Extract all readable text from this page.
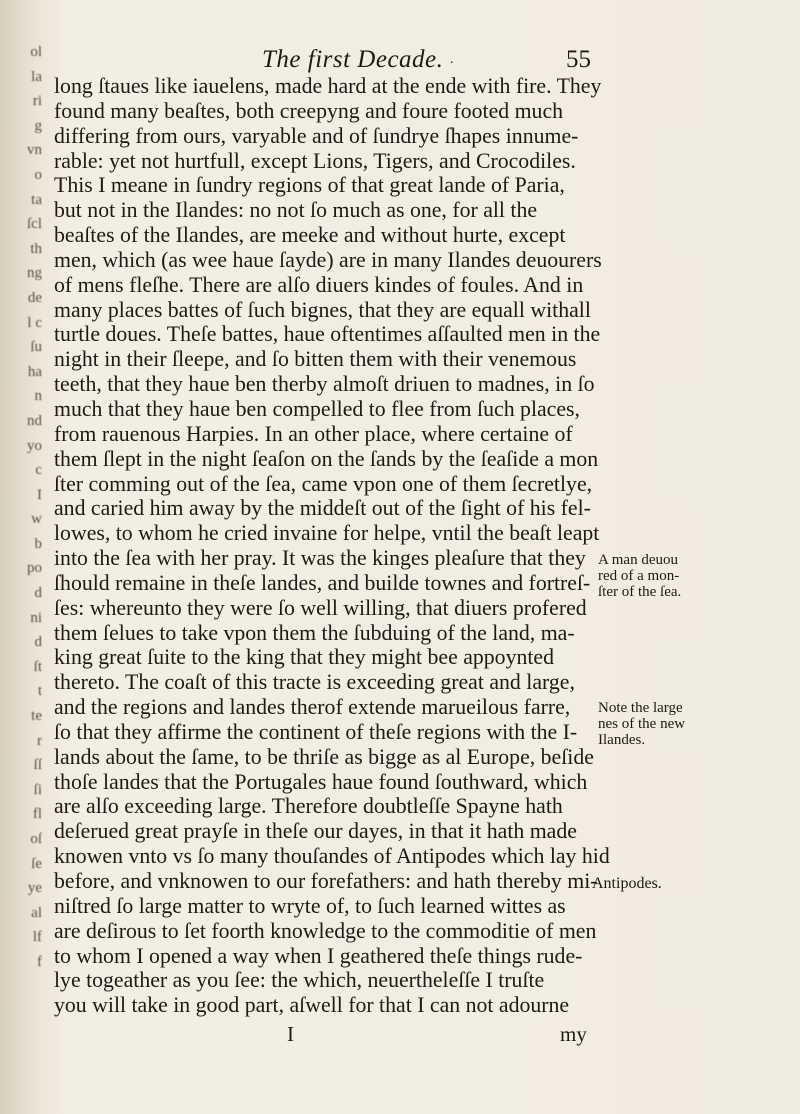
ol
la
ri
g
vn
o
ta
ſcl
th
ng
de
l c
ſu
ha
n
nd
yo
c
I
w
b
po
d
ni
d
ſt
t
te
r
ſſ
ſi
fl
oſ
ſe
ye
al
lf
f
The first Decade. ·	55
long ſtaues like iauelens, made hard at the ende with fire. They
found many beaſtes, both creepyng and foure footed much
differing from ours, varyable and of ſundrye ſhapes innume-
rable: yet not hurtfull, except Lions, Tigers, and Crocodiles.
This I meane in ſundry regions of that great lande of Paria,
but not in the Ilandes: no not ſo much as one, for all the
beaſtes of the Ilandes, are meeke and without hurte, except
men, which (as wee haue ſayde) are in many Ilandes deuourers
of mens fleſhe. There are alſo diuers kindes of foules. And in
many places battes of ſuch bignes, that they are equall withall
turtle doues. Theſe battes, haue oftentimes aſſaulted men in the
night in their ſleepe, and ſo bitten them with their venemous
teeth, that they haue ben therby almoſt driuen to madnes, in ſo
much that they haue ben compelled to flee from ſuch places,
from rauenous Harpies. In an other place, where certaine of
them ſlept in the night ſeaſon on the ſands by the ſeaſide a mon
ſter comming out of the ſea, came vpon one of them ſecretlye,
and caried him away by the middeſt out of the ſight of his fel-
lowes, to whom he cried invaine for helpe, vntil the beaſt leapt
into the ſea with her pray. It was the kinges pleaſure that they
ſhould remaine in theſe landes, and builde townes and fortreſ-
ſes: whereunto they were ſo well willing, that diuers profered
them ſelues to take vpon them the ſubduing of the land, ma-
king great ſuite to the king that they might bee appoynted
thereto. The coaſt of this tracte is exceeding great and large,
and the regions and landes therof extende marueilous farre,
ſo that they affirme the continent of theſe regions with the I-
lands about the ſame, to be thriſe as bigge as al Europe, beſide
thoſe landes that the Portugales haue found ſouthward, which
are alſo exceeding large. Therefore doubtleſſe Spayne hath
deſerued great prayſe in theſe our dayes, in that it hath made
knowen vnto vs ſo many thouſandes of Antipodes which lay hid
before, and vnknowen to our forefathers: and hath thereby mi-
niſtred ſo large matter to wryte of, to ſuch learned wittes as
are deſirous to ſet foorth knowledge to the commoditie of men
to whom I opened a way when I geathered theſe things rude-
lye togeather as you ſee: the which, neuertheleſſe I truſte
you will take in good part, aſwell for that I can not adourne
A man deuou
red of a mon-
ſter of the ſea.
Note the large
nes of the new
Ilandes.
Antipodes.
I	my
